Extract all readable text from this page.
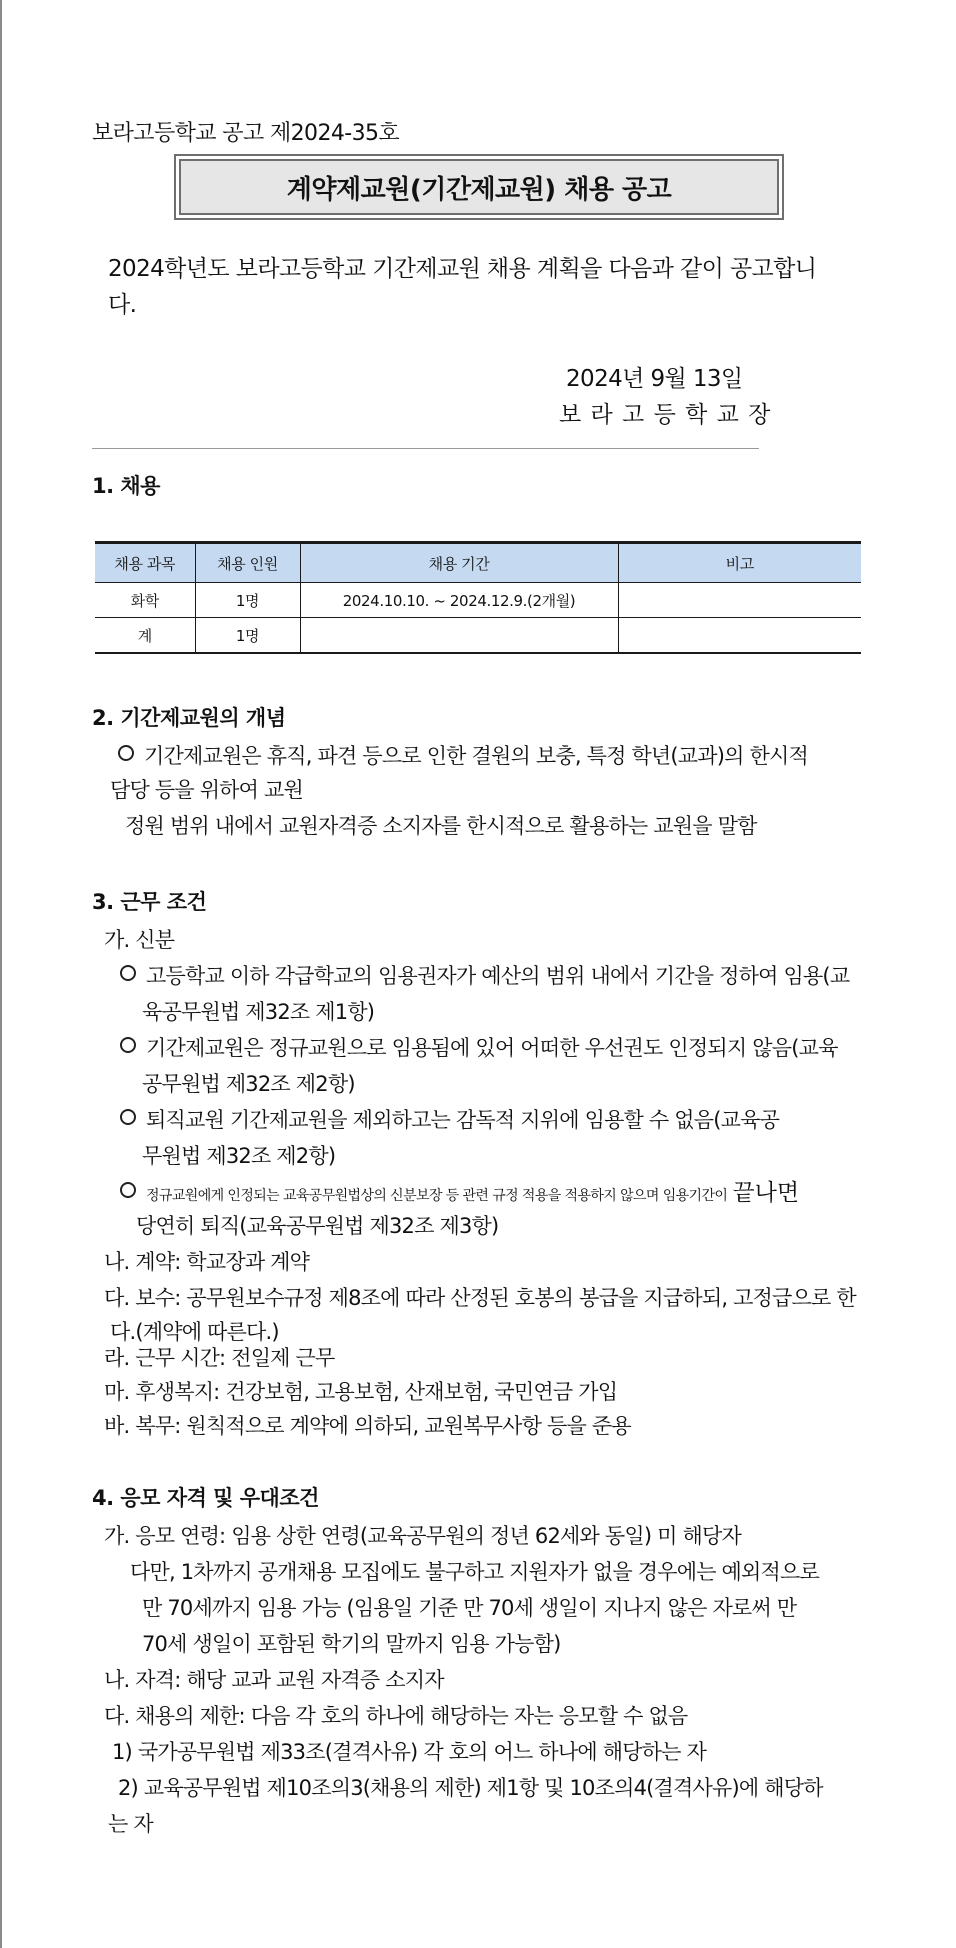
보라고등학교 공고 제2024-35호
계약제교원(기간제교원) 채용 공고
2024학년도 보라고등학교 기간제교원 채용 계획을 다음과 같이 공고합니
다.
2024년 9월 13일
보 라 고 등 학 교 장
1. 채용
채용 과목	채용 인원	채용 기간	비고
화학	1명	2024.10.10. ~ 2024.12.9.(2개월)	
계	1명		
2. 기간제교원의 개념
기간제교원은 휴직, 파견 등으로 인한 결원의 보충, 특정 학년(교과)의 한시적
담당 등을 위하여 교원
정원 범위 내에서 교원자격증 소지자를 한시적으로 활용하는 교원을 말함
3. 근무 조건
가. 신분
고등학교 이하 각급학교의 임용권자가 예산의 범위 내에서 기간을 정하여 임용(교
육공무원법 제32조 제1항)
기간제교원은 정규교원으로 임용됨에 있어 어떠한 우선권도 인정되지 않음(교육
공무원법 제32조 제2항)
퇴직교원 기간제교원을 제외하고는 감독적 지위에 임용할 수 없음(교육공
무원법 제32조 제2항)
정규교원에게 인정되는 교육공무원법상의 신분보장 등 관련 규정 적용을 적용하지 않으며 임용기간이 끝나면
당연히 퇴직(교육공무원법 제32조 제3항)
나. 계약: 학교장과 계약
다. 보수: 공무원보수규정 제8조에 따라 산정된 호봉의 봉급을 지급하되, 고정급으로 한
다.(계약에 따른다.)
라. 근무 시간: 전일제 근무
마. 후생복지: 건강보험, 고용보험, 산재보험, 국민연금 가입
바. 복무: 원칙적으로 계약에 의하되, 교원복무사항 등을 준용
4. 응모 자격 및 우대조건
가. 응모 연령: 임용 상한 연령(교육공무원의 정년 62세와 동일) 미 해당자
다만, 1차까지 공개채용 모집에도 불구하고 지원자가 없을 경우에는 예외적으로
만 70세까지 임용 가능 (임용일 기준 만 70세 생일이 지나지 않은 자로써 만
70세 생일이 포함된 학기의 말까지 임용 가능함)
나. 자격: 해당 교과 교원 자격증 소지자
다. 채용의 제한: 다음 각 호의 하나에 해당하는 자는 응모할 수 없음
1) 국가공무원법 제33조(결격사유) 각 호의 어느 하나에 해당하는 자
2) 교육공무원법 제10조의3(채용의 제한) 제1항 및 10조의4(결격사유)에 해당하
는 자
